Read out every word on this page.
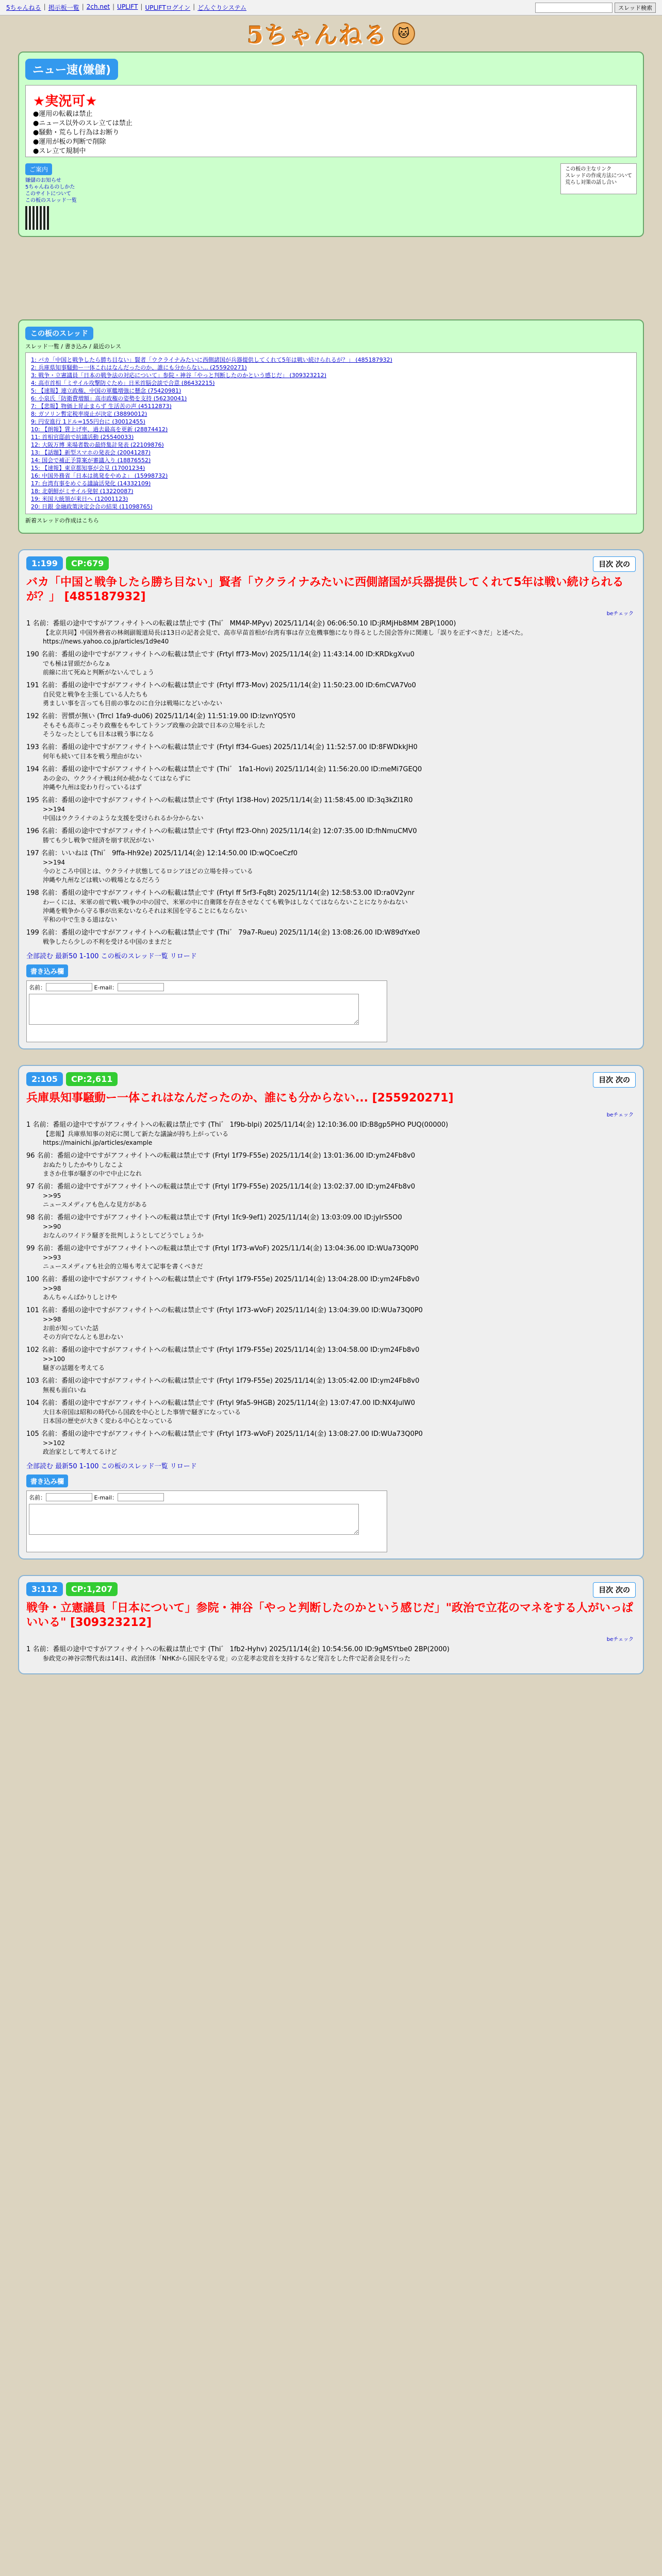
5ちゃんねる | 掲示板一覧 | 2ch.net | UPLIFT | UPLIFTログイン | どんぐりシステム	スレッド検索
5ちゃんねる 🐱
ニュー速(嫌儲)
★実況可★
●運用の転載は禁止
●ニュース以外のスレ立ては禁止
●騒動・荒らし行為はお断り
●運用が板の判断で削除
●スレ立て規制中
ご案内
嫌儲のお知らせ
5ちゃんねるのしかた
このサイトについて
この板のスレッド一覧
この板の主なリンク
スレッドの作成方法について
荒らし対策の話し合い
この板のスレッド
スレッド一覧 / 書き込み / 最近のレス
1: バカ「中国と戦争したら勝ち目ない」賢者「ウクライナみたいに西側諸国が兵器提供してくれて5年は戦い続けられるが？」 (485187932)
2: 兵庫県知事騒動ー一体これはなんだったのか、誰にも分からない... (255920271)
3: 戦争・立憲議員「日本の戦争法の対応について」参院・神谷「やっと判断したのかという感じだ」 (309323212)
4: 高市首相「ミサイル攻撃防ぐため」日米首脳会談で合意 (86432215)
5: 【速報】連立政権、中国の軍艦増強に懸念 (75420981)
6: 小泉氏「防衛費増額」高市政権の姿勢を支持 (56230041)
7: 【悲報】物価上昇止まらず 生活苦の声 (45112873)
8: ガソリン暫定税率廃止が決定 (38890012)
9: 円安進行 1ドル=155円台に (30012455)
10: 【朗報】賃上げ率、過去最高を更新 (28874412)
11: 首相官邸前で抗議活動 (25540033)
12: 大阪万博 来場者数の最終集計発表 (22109876)
13: 【話題】新型スマホの発表会 (20041287)
14: 国会で補正予算案が審議入り (18876552)
15: 【速報】東京都知事が会見 (17001234)
16: 中国外務省「日本は挑発をやめよ」 (15998732)
17: 台湾有事をめぐる議論活発化 (14332109)
18: 北朝鮮がミサイル発射 (13220087)
19: 米国大統領が来日へ (12001123)
20: 日銀 金融政策決定会合の結果 (11098765)
新着スレッドの作成はこちら
1:199	CP:679	目次 次の
バカ「中国と戦争したら勝ち目ない」賢者「ウクライナみたいに西側諸国が兵器提供してくれて5年は戦い続けられるが？」 [485187932]
beチェック
1 名前：番組の途中ですがアフィサイトへの転載は禁止です (Thi゛ MM4P-MPyv) 2025/11/14(金) 06:06:50.10 ID:jRMjHb8MM 2BP(1000)
【北京共同】中国外務省の林剣副報道局長は13日の記者会見で、高市早苗首相が台湾有事は存立危機事態になり得るとした国会答弁に関連し「誤りを正すべきだ」と述べた。
https://news.yahoo.co.jp/articles/1d9e40
190 名前：番組の途中ですがアフィサイトへの転載は禁止です (Frtyl ff73-Mov) 2025/11/14(金) 11:43:14.00 ID:KRDkgXvu0
でも極は冒頭だからなぁ
前線に出て死ぬと判断がないんでしょう
191 名前：番組の途中ですがアフィサイトへの転載は禁止です (Frtyl ff73-Mov) 2025/11/14(金) 11:50:23.00 ID:6mCVA7Vo0
自民党と戦争を主張している人たちも
勇ましい事を言っても目前の事なのに自分は戦場になどいかない
192 名前：習慣が無い (Trrcl 1fa9-du06) 2025/11/14(金) 11:51:19.00 ID:lzvnYQ5Y0
そもそも高市こっそり政権をもやしてトランプ政権の会談で日本の立場を示した
そうなったとしても日本は戦う事になる
193 名前：番組の途中ですがアフィサイトへの転載は禁止です (Frtyl ff34-Gues) 2025/11/14(金) 11:52:57.00 ID:8FWDkkJH0
何年も続いて日本を戦う理由がない
194 名前：番組の途中ですがアフィサイトへの転載は禁止です (Thi゛ 1fa1-Hovi) 2025/11/14(金) 11:56:20.00 ID:meMi7GEQ0
あの金の、ウクライナ戦は何か続かなくてはならずに
沖縄や九州は変わり行っているはず
195 名前：番組の途中ですがアフィサイトへの転載は禁止です (Frtyl 1f38-Hov) 2025/11/14(金) 11:58:45.00 ID:3q3kZI1R0
>>194
中国はウクライナのような支援を受けられるか分からない
196 名前：番組の途中ですがアフィサイトへの転載は禁止です (Frtyl ff23-Ohn) 2025/11/14(金) 12:07:35.00 ID:fhNmuCMV0
勝ても少し戦争で経済を崩す状況がない
197 名前：いいねは (Thi゛ 9ffa-Hh92e) 2025/11/14(金) 12:14:50.00 ID:wQCoeCzf0
>>194
今のところ中国とは、ウクライナ状態してるロシアほどの立場を持っている
沖縄や九州などは戦いの戦場となるだろう
198 名前：番組の途中ですがアフィサイトへの転載は禁止です (Frtyl ff 5rf3-Fq8t) 2025/11/14(金) 12:58:53.00 ID:ra0V2ynr
わーくには、米軍の前で戦い戦争の中の国で、米軍の中に自衛隊を存在させなくても戦争はしなくてはならないことになりかねない
沖縄を戦争から守る事が出来ないならそれは米国を守ることにもならない
平和の中で生きる道はない
199 名前：番組の途中ですがアフィサイトへの転載は禁止です (Thi゛ 79a7-Rueu) 2025/11/14(金) 13:08:26.00 ID:W89dYxe0
戦争したら少しの不利を受ける中国のままだと
全部読む 最新50 1-100 この板のスレッド一覧 リロード
書き込み欄
名前：	E-mail：
2:105	CP:2,611	目次 次の
兵庫県知事騒動ー一体これはなんだったのか、誰にも分からない... [255920271]
beチェック
1 名前：番組の途中ですがアフィサイトへの転載は禁止です (Thi゛ 1f9b-blpi) 2025/11/14(金) 12:10:36.00 ID:B8gp5PHO PUQ(00000)
【悲報】兵庫県知事の対応に関して新たな議論が持ち上がっている
https://mainichi.jp/articles/example
96 名前：番組の途中ですがアフィサイトへの転載は禁止です (Frtyl 1f79-F55e) 2025/11/14(金) 13:01:36.00 ID:ym24Fb8v0
おぬたりしたかやりしなこよ
まさか仕事が騒ぎの中で中止になれ
97 名前：番組の途中ですがアフィサイトへの転載は禁止です (Frtyl 1f79-F55e) 2025/11/14(金) 13:02:37.00 ID:ym24Fb8v0
>>95
ニュースメディアも色んな見方がある
98 名前：番組の途中ですがアフィサイトへの転載は禁止です (Frtyl 1fc9-9ef1) 2025/11/14(金) 13:03:09.00 ID:jyIrS5O0
>>90
おなんのワイドラ騒ぎを批判しようとしてどうでしょうか
99 名前：番組の途中ですがアフィサイトへの転載は禁止です (Frtyl 1f73-wVoF) 2025/11/14(金) 13:04:36.00 ID:WUa73Q0P0
>>93
ニュースメディアも社会的立場も考えて記事を書くべきだ
100 名前：番組の途中ですがアフィサイトへの転載は禁止です (Frtyl 1f79-F55e) 2025/11/14(金) 13:04:28.00 ID:ym24Fb8v0
>>98
あんちゃんばかりしとけや
101 名前：番組の途中ですがアフィサイトへの転載は禁止です (Frtyl 1f73-wVoF) 2025/11/14(金) 13:04:39.00 ID:WUa73Q0P0
>>98
お前が知っていた話
その方向でなんとも思わない
102 名前：番組の途中ですがアフィサイトへの転載は禁止です (Frtyl 1f79-F55e) 2025/11/14(金) 13:04:58.00 ID:ym24Fb8v0
>>100
騒ぎの話題を考えてる
103 名前：番組の途中ですがアフィサイトへの転載は禁止です (Frtyl 1f79-F55e) 2025/11/14(金) 13:05:42.00 ID:ym24Fb8v0
無視も面白いね
104 名前：番組の途中ですがアフィサイトへの転載は禁止です (Frtyl 9fa5-9HGB) 2025/11/14(金) 13:07:47.00 ID:NX4JulW0
大日本帝国は昭和の時代から国政を中心とした事情で騒ぎになっている
日本国の歴史が大きく変わる中心となっている
105 名前：番組の途中ですがアフィサイトへの転載は禁止です (Frtyl 1f73-wVoF) 2025/11/14(金) 13:08:27.00 ID:WUa73Q0P0
>>102
政治家として考えてるけど
全部読む 最新50 1-100 この板のスレッド一覧 リロード
書き込み欄
名前：	E-mail：
3:112	CP:1,207	目次 次の
戦争・立憲議員「日本について」参院・神谷「やっと判断したのかという感じだ」"政治で立花のマネをする人がいっぱいいる" [309323212]
beチェック
1 名前：番組の途中ですがアフィサイトへの転載は禁止です (Thi゛ 1fb2-Hyhv) 2025/11/14(金) 10:54:56.00 ID:9gMSYtbe0 2BP(2000)
参政党の神谷宗幣代表は14日、政治団体「NHKから国民を守る党」の立花孝志党首を支持するなど発言をした件で記者会見を行った
